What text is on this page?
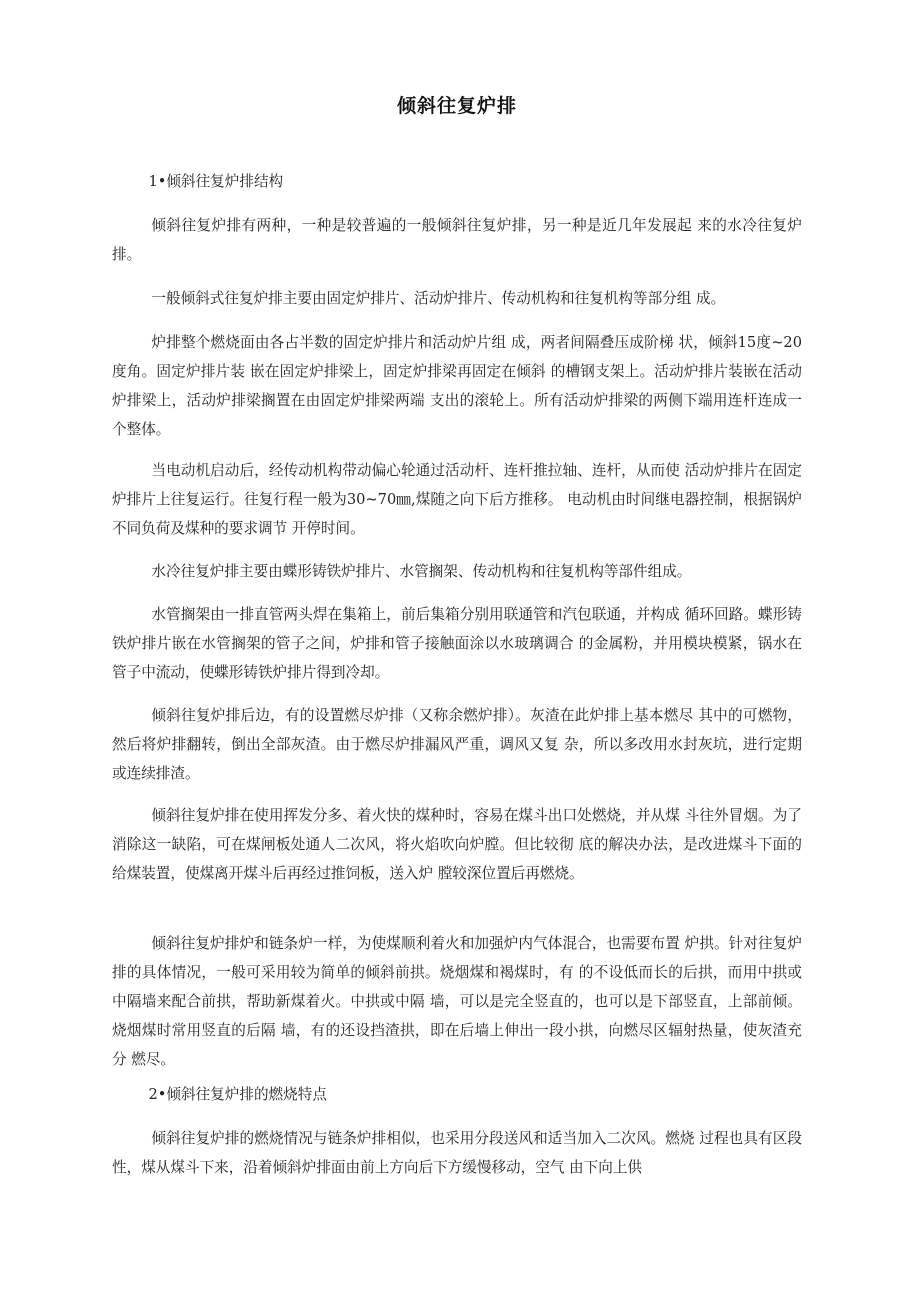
倾斜往复炉排

1•倾斜往复炉排结构

倾斜往复炉排有两种，一种是较普遍的一般倾斜往复炉排，另一种是近几年发展起 来的水冷往复炉排。

一般倾斜式往复炉排主要由固定炉排片、活动炉排片、传动机构和往复机构等部分组 成。

炉排整个燃烧面由各占半数的固定炉排片和活动炉片组 成，两者间隔叠压成阶梯 状，倾斜15度~20度角。固定炉排片装 嵌在固定炉排梁上，固定炉排梁再固定在倾斜 的槽钢支架上。活动炉排片装嵌在活动炉排梁上，活动炉排梁搁置在由固定炉排梁两端 支出的滚轮上。所有活动炉排梁的两侧下端用连杆连成一个整体。

当电动机启动后，经传动机构带动偏心轮通过活动杆、连杆推拉轴、连杆，从而使 活动炉排片在固定炉排片上往复运行。往复行程一般为30~70㎜,煤随之向下后方推移。 电动机由时间继电器控制，根据锅炉不同负荷及煤种的要求调节 开停时间。

水冷往复炉排主要由蝶形铸铁炉排片、水管搁架、传动机构和往复机构等部件组成。

水管搁架由一排直管两头焊在集箱上，前后集箱分别用联通管和汽包联通，并构成 循环回路。蝶形铸铁炉排片嵌在水管搁架的管子之间，炉排和管子接触面涂以水玻璃调合 的金属粉，并用模块模紧，锅水在管子中流动，使蝶形铸铁炉排片得到冷却。

倾斜往复炉排后边，有的设置燃尽炉排（又称余燃炉排）。灰渣在此炉排上基本燃尽 其中的可燃物，然后将炉排翻转，倒出全部灰渣。由于燃尽炉排漏风严重，调风又复 杂，所以多改用水封灰坑，进行定期或连续排渣。

倾斜往复炉排在使用挥发分多、着火快的煤种时，容易在煤斗出口处燃烧，并从煤 斗往外冒烟。为了消除这一缺陷，可在煤闸板处通人二次风，将火焰吹向炉膛。但比较彻 底的解决办法，是改进煤斗下面的给煤装置，使煤离开煤斗后再经过推饲板，送入炉 膛较深位置后再燃烧。

倾斜往复炉排炉和链条炉一样，为使煤顺利着火和加强炉内气体混合，也需要布置 炉拱。针对往复炉排的具体情况，一般可采用较为简单的倾斜前拱。烧烟煤和褐煤时，有 的不设低而长的后拱，而用中拱或中隔墙来配合前拱，帮助新煤着火。中拱或中隔 墙，可以是完全竖直的，也可以是下部竖直，上部前倾。烧烟煤时常用竖直的后隔 墙，有的还设挡渣拱，即在后墙上伸出一段小拱，向燃尽区辐射热量，使灰渣充分 燃尽。

2•倾斜往复炉排的燃烧特点

倾斜往复炉排的燃烧情况与链条炉排相似，也采用分段送风和适当加入二次风。燃烧 过程也具有区段性，煤从煤斗下来，沿着倾斜炉排面由前上方向后下方缓慢移动，空气 由下向上供
